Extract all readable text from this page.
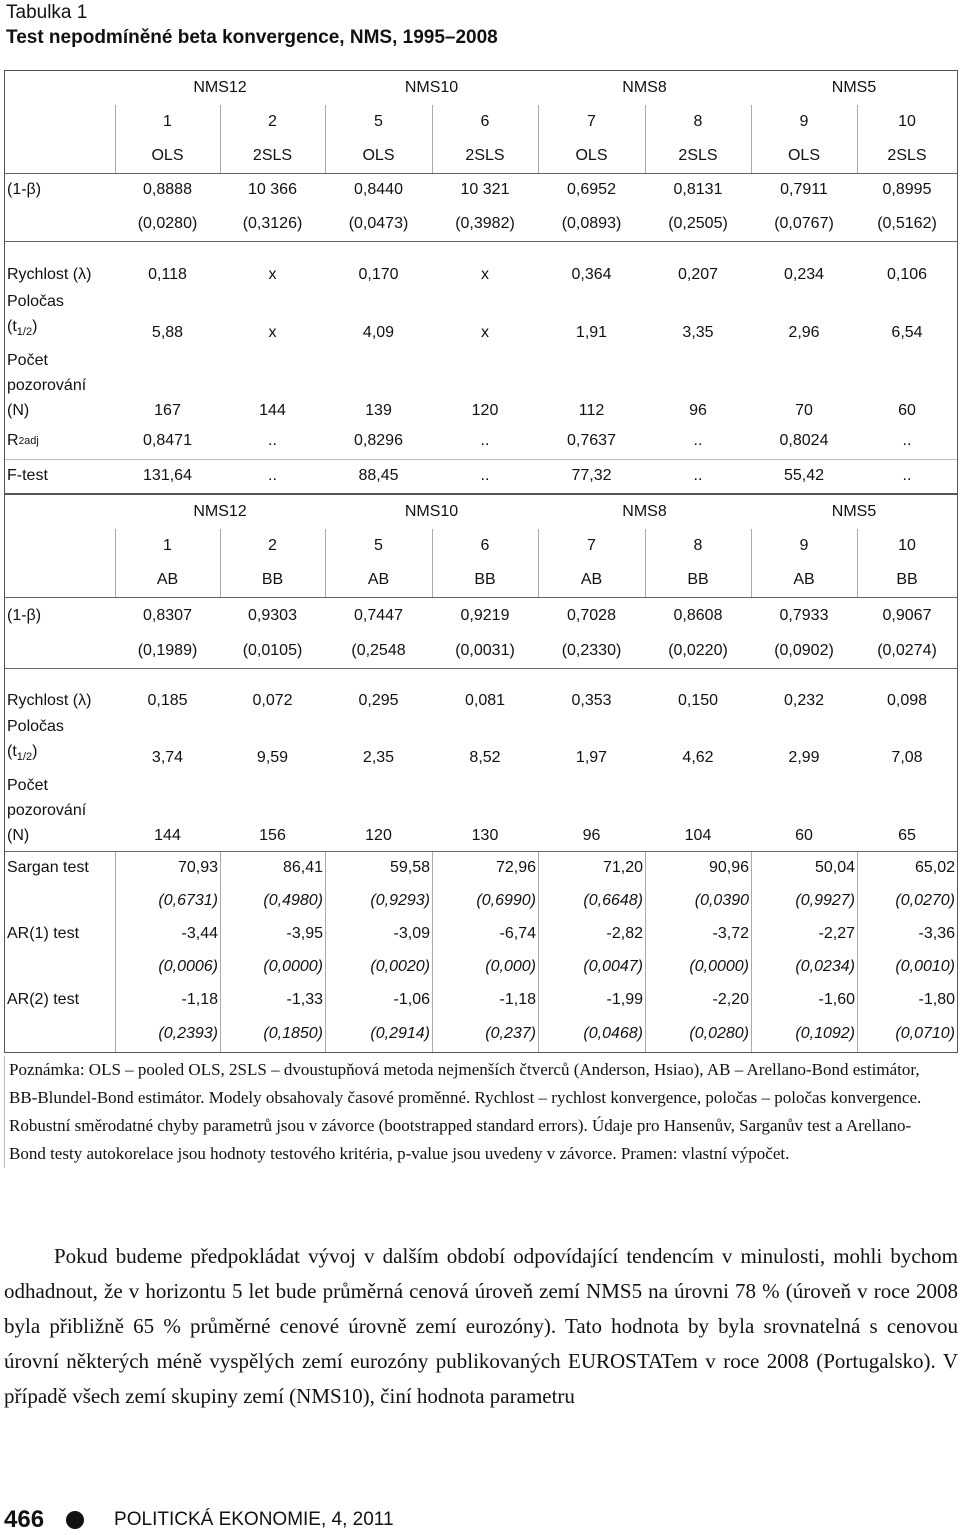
Tabulka 1
Test nepodmíněné beta konvergence, NMS, 1995–2008
NMS12	NMS10	NMS8	NMS5
1	2	5	6	7	8	9	10
OLS	2SLS	OLS	2SLS	OLS	2SLS	OLS	2SLS
(1-β)	0,8888	10 366	0,8440	10 321	0,6952	0,8131	0,7911	0,8995
(0,0280)	(0,3126)	(0,0473)	(0,3982)	(0,0893)	(0,2505)	(0,0767)	(0,5162)
Rychlost (λ)	0,118	x	0,170	x	0,364	0,207	0,234	0,106
Poločas
$(t_{1/2})$	5,88	x	4,09	x	1,91	3,35	2,96	6,54
Počet
pozorování
(N)	167	144	139	120	112	96	70	60
R 2 adj	0,8471	..	0,8296	..	0,7637	..	0,8024	..
F-test	131,64	..	88,45	..	77,32	..	55,42	..
NMS12	NMS10	NMS8	NMS5
1	2	5	6	7	8	9	10
AB	BB	AB	BB	AB	BB	AB	BB
(1-β)	0,8307	0,9303	0,7447	0,9219	0,7028	0,8608	0,7933	0,9067
(0,1989)	(0,0105)	(0,2548	(0,0031)	(0,2330)	(0,0220)	(0,0902)	(0,0274)
Rychlost (λ)	0,185	0,072	0,295	0,081	0,353	0,150	0,232	0,098
Poločas
$(t_{1/2})$	3,74	9,59	2,35	8,52	1,97	4,62	2,99	7,08
Počet
pozorování
(N)	144	156	120	130	96	104	60	65
Sargan test	70,93	86,41	59,58	72,96	71,20	90,96	50,04	65,02
(0,6731)	(0,4980)	(0,9293)	(0,6990)	(0,6648)	(0,0390	(0,9927)	(0,0270)
AR(1) test	-3,44	-3,95	-3,09	-6,74	-2,82	-3,72	-2,27	-3,36
(0,0006)	(0,0000)	(0,0020)	(0,000)	(0,0047)	(0,0000)	(0,0234)	(0,0010)
AR(2) test	-1,18	-1,33	-1,06	-1,18	-1,99	-2,20	-1,60	-1,80
(0,2393)	(0,1850)	(0,2914)	(0,237)	(0,0468)	(0,0280)	(0,1092)	(0,0710)
Poznámka: OLS – pooled OLS, 2SLS – dvoustupňová metoda nejmenších čtverců (Anderson, Hsiao), AB – Arellano-Bond estimátor, BB-Blundel-Bond estimátor. Modely obsahovaly časové proměnné. Rychlost – rychlost konvergence, poločas – poločas konvergence. Robustní směrodatné chyby parametrů jsou v závorce (bootstrapped standard errors). Údaje pro Hansenův, Sarganův test a Arellano-Bond testy autokorelace jsou hodnoty testového kritéria, p-value jsou uvedeny v závorce. Pramen: vlastní výpočet.

Pokud budeme předpokládat vývoj v dalším období odpovídající tendencím v minulosti, mohli bychom odhadnout, že v horizontu 5 let bude průměrná cenová úroveň zemí NMS5 na úrovni 78 % (úroveň v roce 2008 byla přibližně 65 % průměrné cenové úrovně zemí eurozóny). Tato hodnota by byla srovnatelná s cenovou úrovní některých méně vyspělých zemí eurozóny publikovaných EUROSTATem v roce 2008 (Portugalsko). V případě všech zemí skupiny zemí (NMS10), činí hodnota parametru

466	POLITICKÁ EKONOMIE, 4, 2011
